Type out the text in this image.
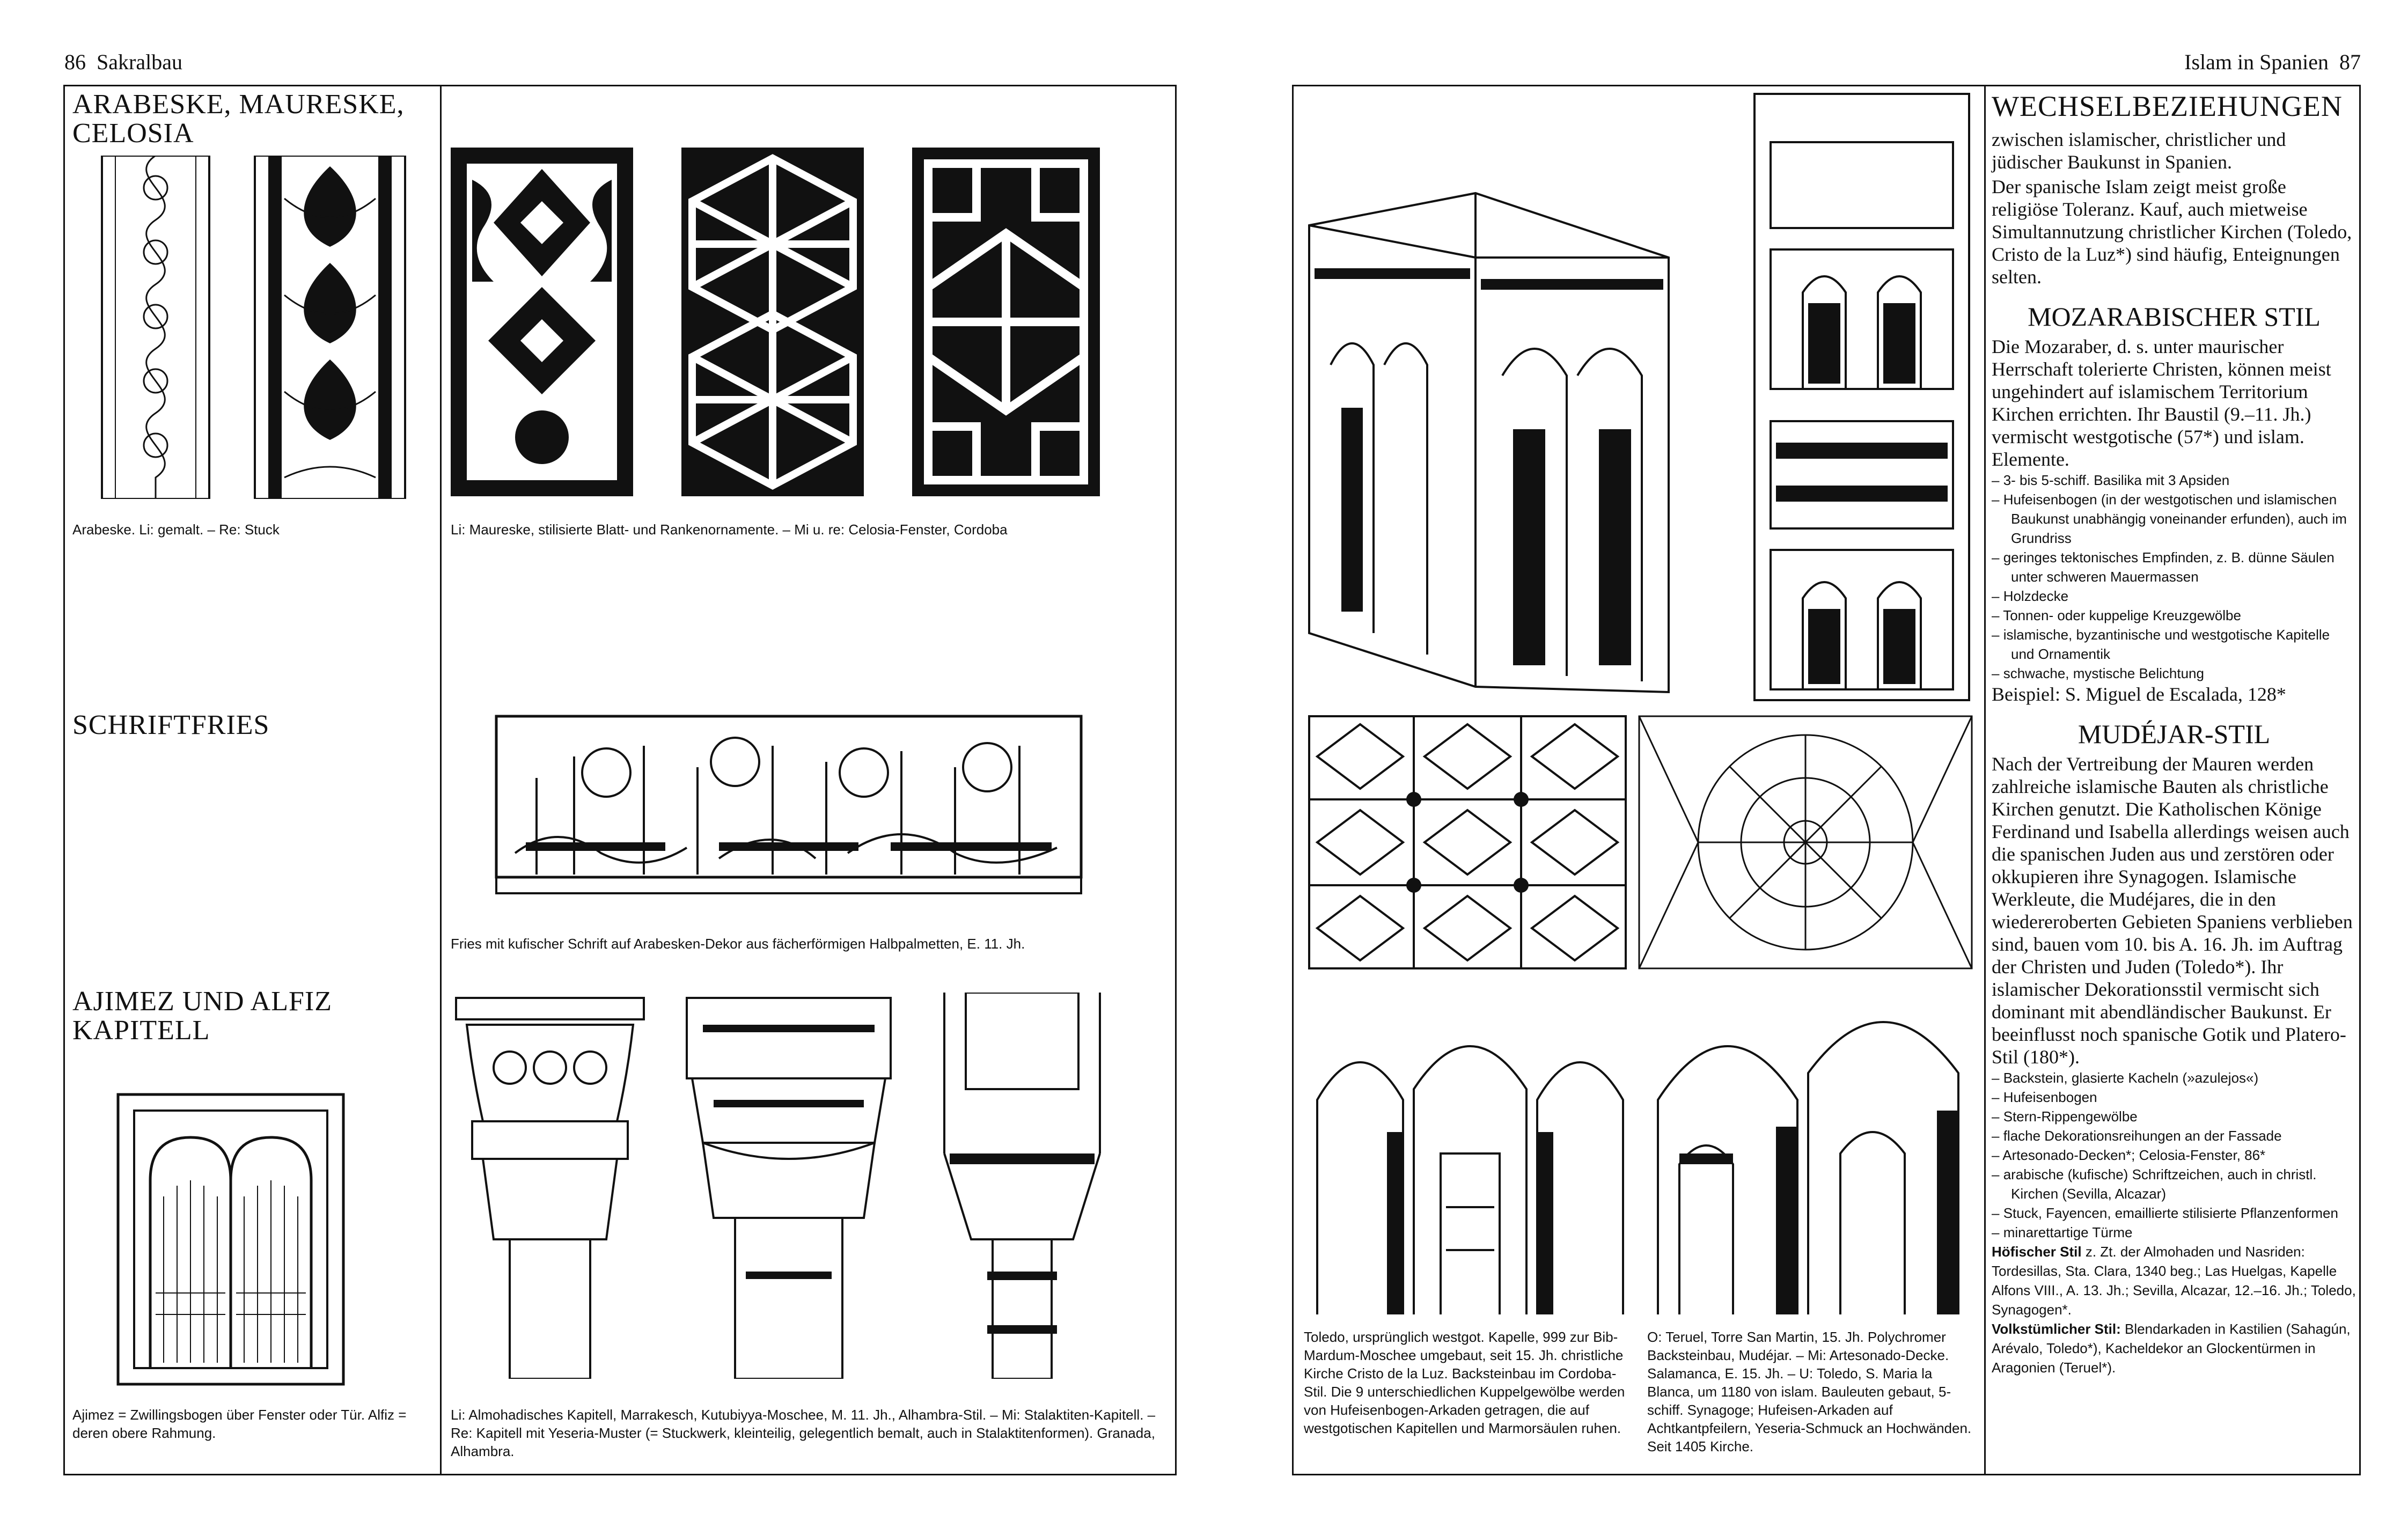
86 Sakralbau
ARABESKE, MAURESKE, CELOSIA
Arabeske. Li: gemalt. – Re: Stuck	Li: Maureske, stilisierte Blatt- und Rankenornamente. – Mi u. re: Celosia-Fenster, Cordoba
SCHRIFTFRIES
Fries mit kufischer Schrift auf Arabesken-Dekor aus fächerförmigen Halbpalmetten, E. 11. Jh.
AJIMEZ UND ALFIZ KAPITELL
Ajimez = Zwillingsbogen über Fenster oder Tür. Alfiz = deren obere Rahmung.
Li: Almohadisches Kapitell, Marrakesch, Kutubiyya-Moschee, M. 11. Jh., Alhambra-Stil. – Mi: Stalaktiten-Kapitell. – Re: Kapitell mit Yeseria-Muster (= Stuckwerk, kleinteilig, gelegentlich bemalt, auch in Stalaktitenformen). Granada, Alhambra.
Islam in Spanien 87
Toledo, ursprünglich westgot. Kapelle, 999 zur Bib-Mardum-Moschee umgebaut, seit 15. Jh. christliche Kirche Cristo de la Luz. Backsteinbau im Cordoba-Stil. Die 9 unterschiedlichen Kuppelgewölbe werden von Hufeisenbogen-Arkaden getragen, die auf westgotischen Kapitellen und Marmorsäulen ruhen.
O: Teruel, Torre San Martin, 15. Jh. Polychromer Backsteinbau, Mudéjar. – Mi: Artesonado-Decke. Salamanca, E. 15. Jh. – U: Toledo, S. Maria la Blanca, um 1180 von islam. Bauleuten gebaut, 5-schiff. Synagoge; Hufeisen-Arkaden auf Achtkantpfeilern, Yeseria-Schmuck an Hochwänden. Seit 1405 Kirche.
WECHSELBEZIEHUNGEN
zwischen islamischer, christlicher und jüdischer Baukunst in Spanien.
Der spanische Islam zeigt meist große religiöse Toleranz. Kauf, auch mietweise Simultannutzung christlicher Kirchen (Toledo, Cristo de la Luz*) sind häufig, Enteignungen selten.
MOZARABISCHER STIL
Die Mozaraber, d. s. unter maurischer Herrschaft tolerierte Christen, können meist ungehindert auf islamischem Territorium Kirchen errichten. Ihr Baustil (9.–11. Jh.) vermischt westgotische (57*) und islam. Elemente.
– 3- bis 5-schiff. Basilika mit 3 Apsiden
– Hufeisenbogen (in der westgotischen und islamischen Baukunst unabhängig voneinander erfunden), auch im Grundriss
– geringes tektonisches Empfinden, z. B. dünne Säulen unter schweren Mauermassen
– Holzdecke
– Tonnen- oder kuppelige Kreuzgewölbe
– islamische, byzantinische und westgotische Kapitelle und Ornamentik
– schwache, mystische Belichtung
Beispiel: S. Miguel de Escalada, 128*
MUDÉJAR-STIL
Nach der Vertreibung der Mauren werden zahlreiche islamische Bauten als christliche Kirchen genutzt. Die Katholischen Könige Ferdinand und Isabella allerdings weisen auch die spanischen Juden aus und zerstören oder okkupieren ihre Synagogen. Islamische Werkleute, die Mudéjares, die in den wiedereroberten Gebieten Spaniens verblieben sind, bauen vom 10. bis A. 16. Jh. im Auftrag der Christen und Juden (Toledo*). Ihr islamischer Dekorationsstil vermischt sich dominant mit abendländischer Baukunst. Er beeinflusst noch spanische Gotik und Platero-Stil (180*).
– Backstein, glasierte Kacheln (»azulejos«)
– Hufeisenbogen
– Stern-Rippengewölbe
– flache Dekorationsreihungen an der Fassade
– Artesonado-Decken*; Celosia-Fenster, 86*
– arabische (kufische) Schriftzeichen, auch in christl. Kirchen (Sevilla, Alcazar)
– Stuck, Fayencen, emaillierte stilisierte Pflanzenformen
– minarettartige Türme
Höfischer Stil z. Zt. der Almohaden und Nasriden: Tordesillas, Sta. Clara, 1340 beg.; Las Huelgas, Kapelle Alfons VIII., A. 13. Jh.; Sevilla, Alcazar, 12.–16. Jh.; Toledo, Synagogen*.
Volkstümlicher Stil: Blendarkaden in Kastilien (Sahagún, Arévalo, Toledo*), Kacheldekor an Glockentürmen in Aragonien (Teruel*).
